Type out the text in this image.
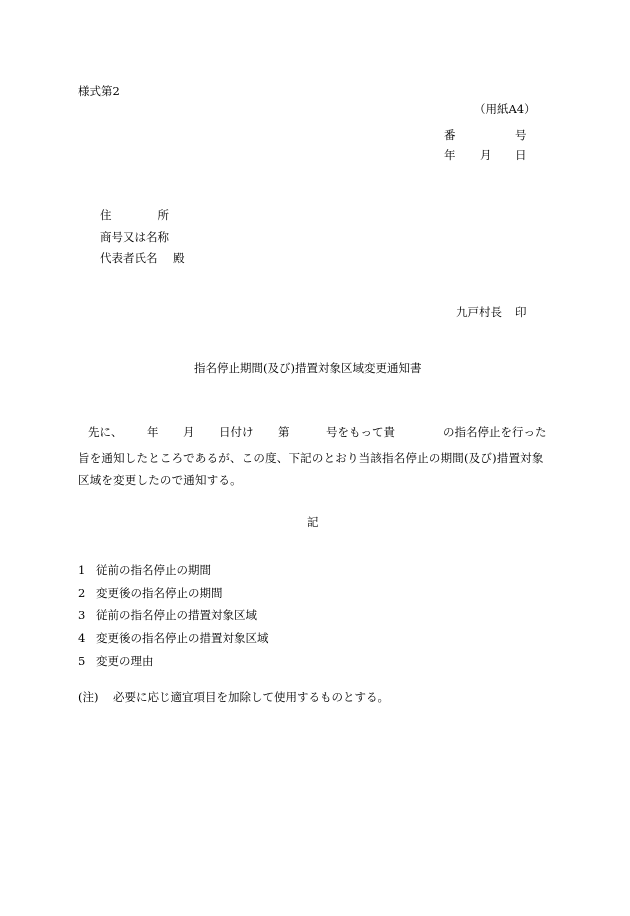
様式第2
（用紙A4）
番	号
年 月 日
住　　　　所
商号又は名称
代表者氏名 殿
九戸村長 印
指名停止期間(及び)措置対象区域変更通知書
先に、 年 月 日付け 第	号をもって貴	の指名停止を行った
旨を通知したところであるが、この度、下記のとおり当該指名停止の期間(及び)措置対象
区域を変更したので通知する。
記
1 従前の指名停止の期間
2 変更後の指名停止の期間
3 従前の指名停止の措置対象区域
4 変更後の指名停止の措置対象区域
5 変更の理由
(注) 必要に応じ適宜項目を加除して使用するものとする。
